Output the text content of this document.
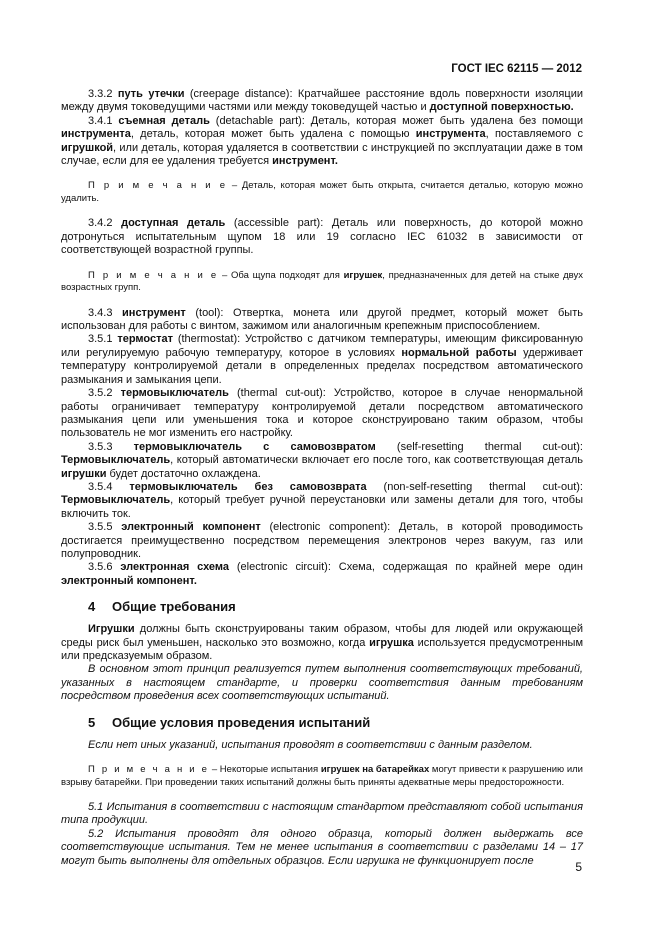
ГОСТ IEC 62115 — 2012

3.3.2 путь утечки (creepage distance): Кратчайшее расстояние вдоль поверхности изоляции между двумя токоведущими частями или между токоведущей частью и доступной поверхностью.

3.4.1 съемная деталь (detachable part): Деталь, которая может быть удалена без помощи инструмента, деталь, которая может быть удалена с помощью инструмента, поставляемого с игрушкой, или деталь, которая удаляется в соответствии с инструкцией по эксплуатации даже в том случае, если для ее удаления требуется инструмент.

П р и м е ч а н и е – Деталь, которая может быть открыта, считается деталью, которую можно удалить.

3.4.2 доступная деталь (accessible part): Деталь или поверхность, до которой можно дотронуться испытательным щупом 18 или 19 согласно IEC 61032 в зависимости от соответствующей возрастной группы.

П р и м е ч а н и е – Оба щупа подходят для игрушек, предназначенных для детей на стыке двух возрастных групп.

3.4.3 инструмент (tool): Отвертка, монета или другой предмет, который может быть использован для работы с винтом, зажимом или аналогичным крепежным приспособлением.

3.5.1 термостат (thermostat): Устройство с датчиком температуры, имеющим фиксированную или регулируемую рабочую температуру, которое в условиях нормальной работы удерживает температуру контролируемой детали в определенных пределах посредством автоматического размыкания и замыкания цепи.

3.5.2 термовыключатель (thermal cut-out): Устройство, которое в случае ненормальной работы ограничивает температуру контролируемой детали посредством автоматического размыкания цепи или уменьшения тока и которое сконструировано таким образом, чтобы пользователь не мог изменить его настройку.

3.5.3 термовыключатель с самовозвратом (self-resetting thermal cut-out): Термовыключатель, который автоматически включает его после того, как соответствующая деталь игрушки будет достаточно охлаждена.

3.5.4 термовыключатель без самовозврата (non-self-resetting thermal cut-out): Термовыключатель, который требует ручной переустановки или замены детали для того, чтобы включить ток.

3.5.5 электронный компонент (electronic component): Деталь, в которой проводимость достигается преимущественно посредством перемещения электронов через вакуум, газ или полупроводник.

3.5.6 электронная схема (electronic circuit): Схема, содержащая по крайней мере один электронный компонент.

4 Общие требования

Игрушки должны быть сконструированы таким образом, чтобы для людей или окружающей среды риск был уменьшен, насколько это возможно, когда игрушка используется предусмотренным или предсказуемым образом.

В основном этот принцип реализуется путем выполнения соответствующих требований, указанных в настоящем стандарте, и проверки соответствия данным требованиям посредством проведения всех соответствующих испытаний.

5 Общие условия проведения испытаний

Если нет иных указаний, испытания проводят в соответствии с данным разделом.

П р и м е ч а н и е – Некоторые испытания игрушек на батарейках могут привести к разрушению или взрыву батарейки. При проведении таких испытаний должны быть приняты адекватные меры предосторожности.

5.1 Испытания в соответствии с настоящим стандартом представляют собой испытания типа продукции.

5.2 Испытания проводят для одного образца, который должен выдержать все соответствующие испытания. Тем не менее испытания в соответствии с разделами 14 – 17 могут быть выполнены для отдельных образцов. Если игрушка не функционирует после	5
